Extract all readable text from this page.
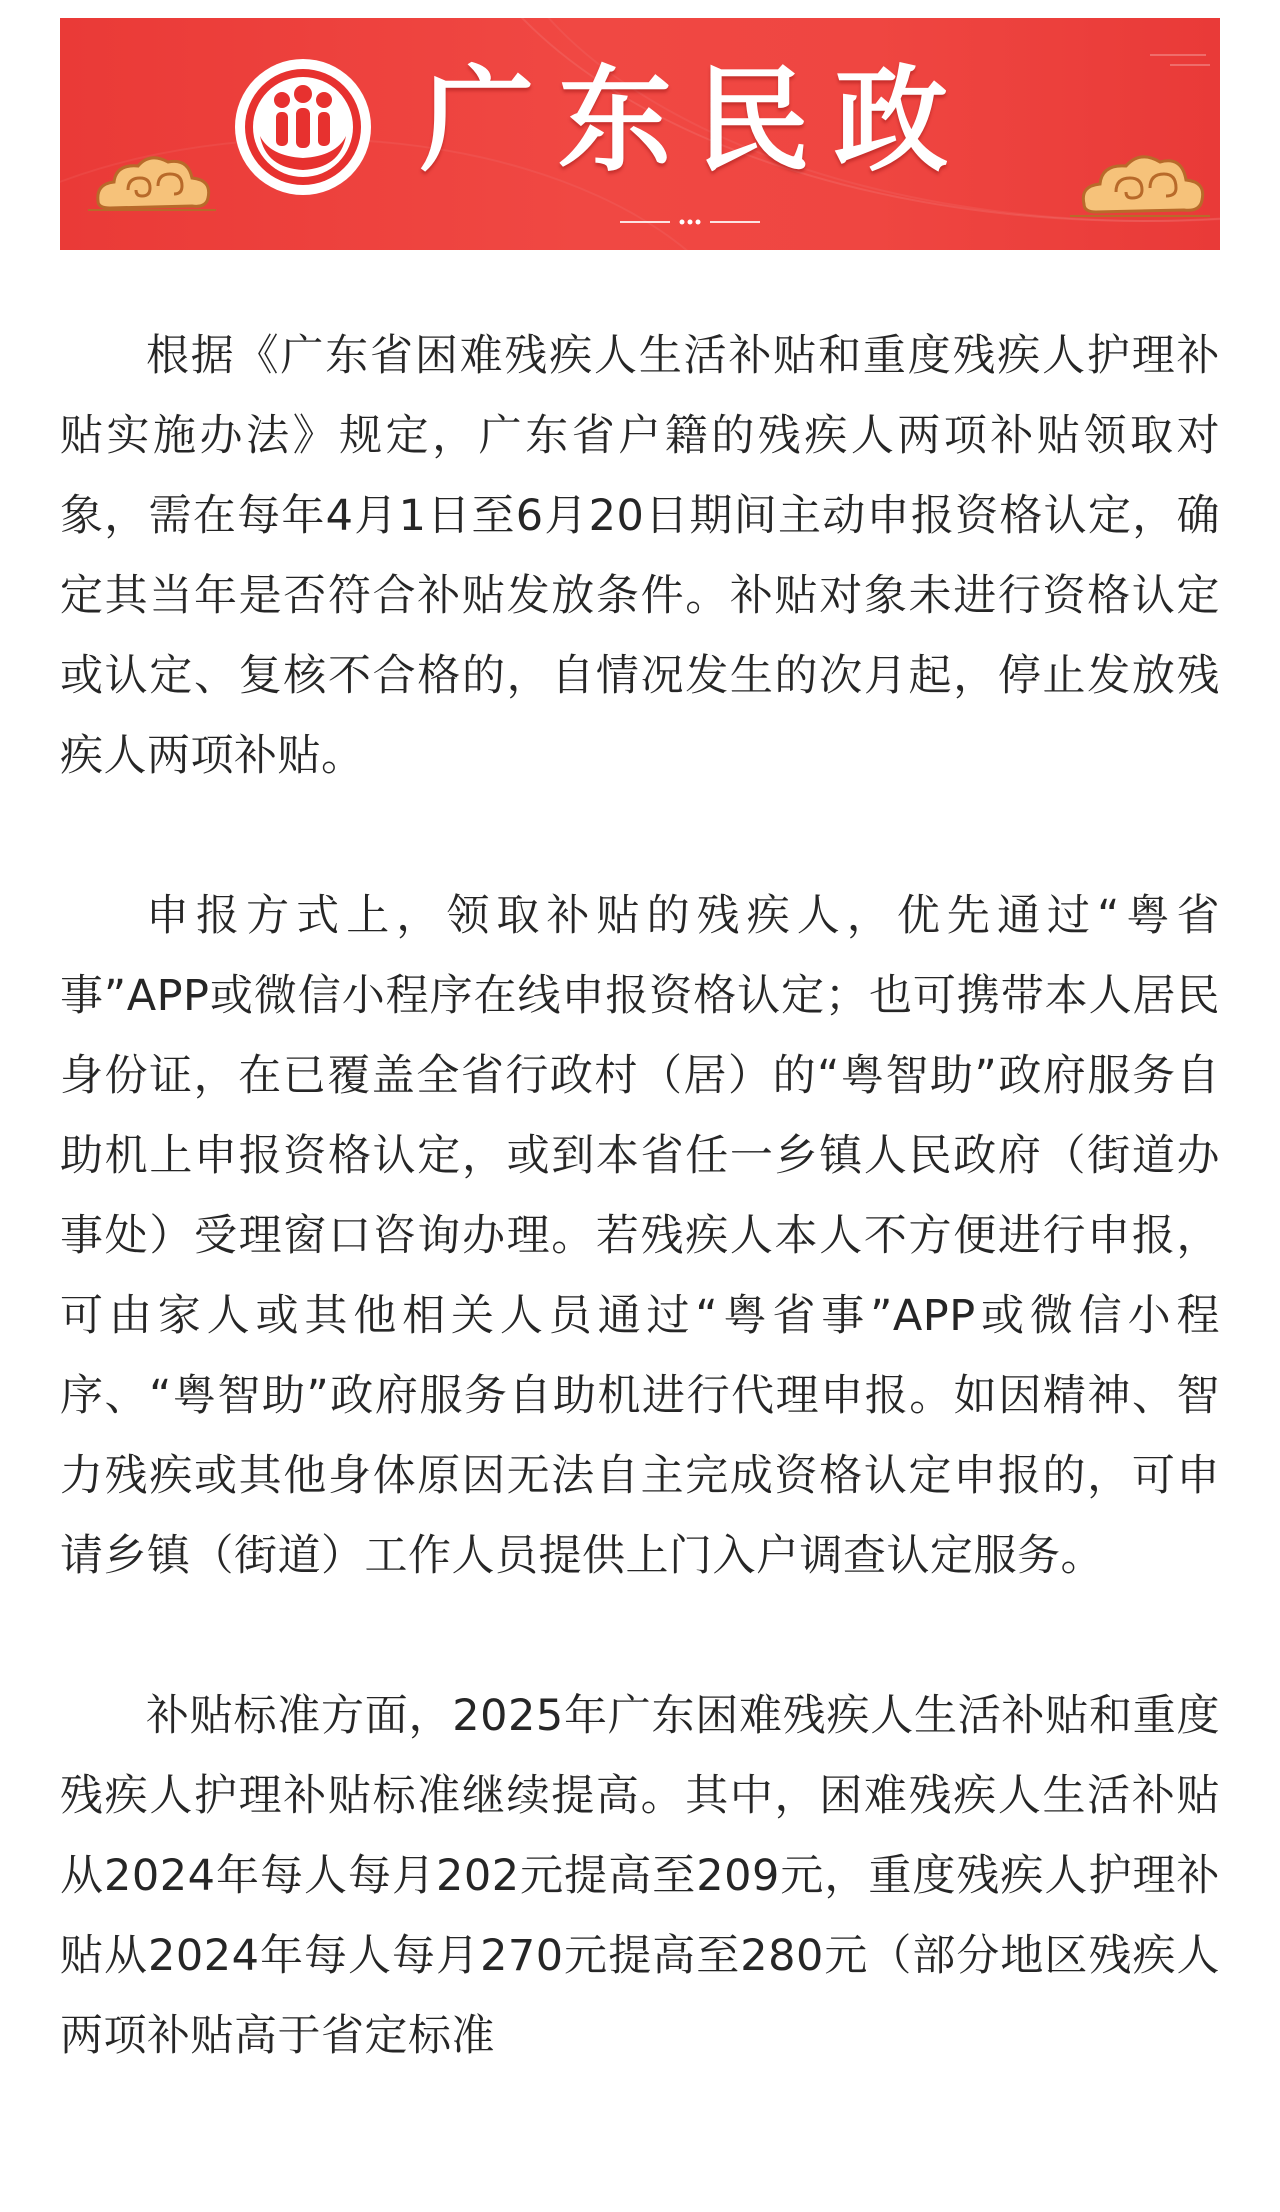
广东民政

根据《广东省困难残疾人生活补贴和重度残疾人护理补贴实施办法》规定，广东省户籍的残疾人两项补贴领取对象，需在每年4月1日至6月20日期间主动申报资格认定，确定其当年是否符合补贴发放条件。补贴对象未进行资格认定或认定、复核不合格的，自情况发生的次月起，停止发放残疾人两项补贴。

申报方式上，领取补贴的残疾人，优先通过“粤省事”APP或微信小程序在线申报资格认定；也可携带本人居民身份证，在已覆盖全省行政村（居）的“粤智助”政府服务自助机上申报资格认定，或到本省任一乡镇人民政府（街道办事处）受理窗口咨询办理。若残疾人本人不方便进行申报，可由家人或其他相关人员通过“粤省事”APP或微信小程序、“粤智助”政府服务自助机进行代理申报。如因精神、智力残疾或其他身体原因无法自主完成资格认定申报的，可申请乡镇（街道）工作人员提供上门入户调查认定服务。

补贴标准方面，2025年广东困难残疾人生活补贴和重度残疾人护理补贴标准继续提高。其中，困难残疾人生活补贴从2024年每人每月202元提高至209元，重度残疾人护理补贴从2024年每人每月270元提高至280元（部分地区残疾人两项补贴高于省定标准
